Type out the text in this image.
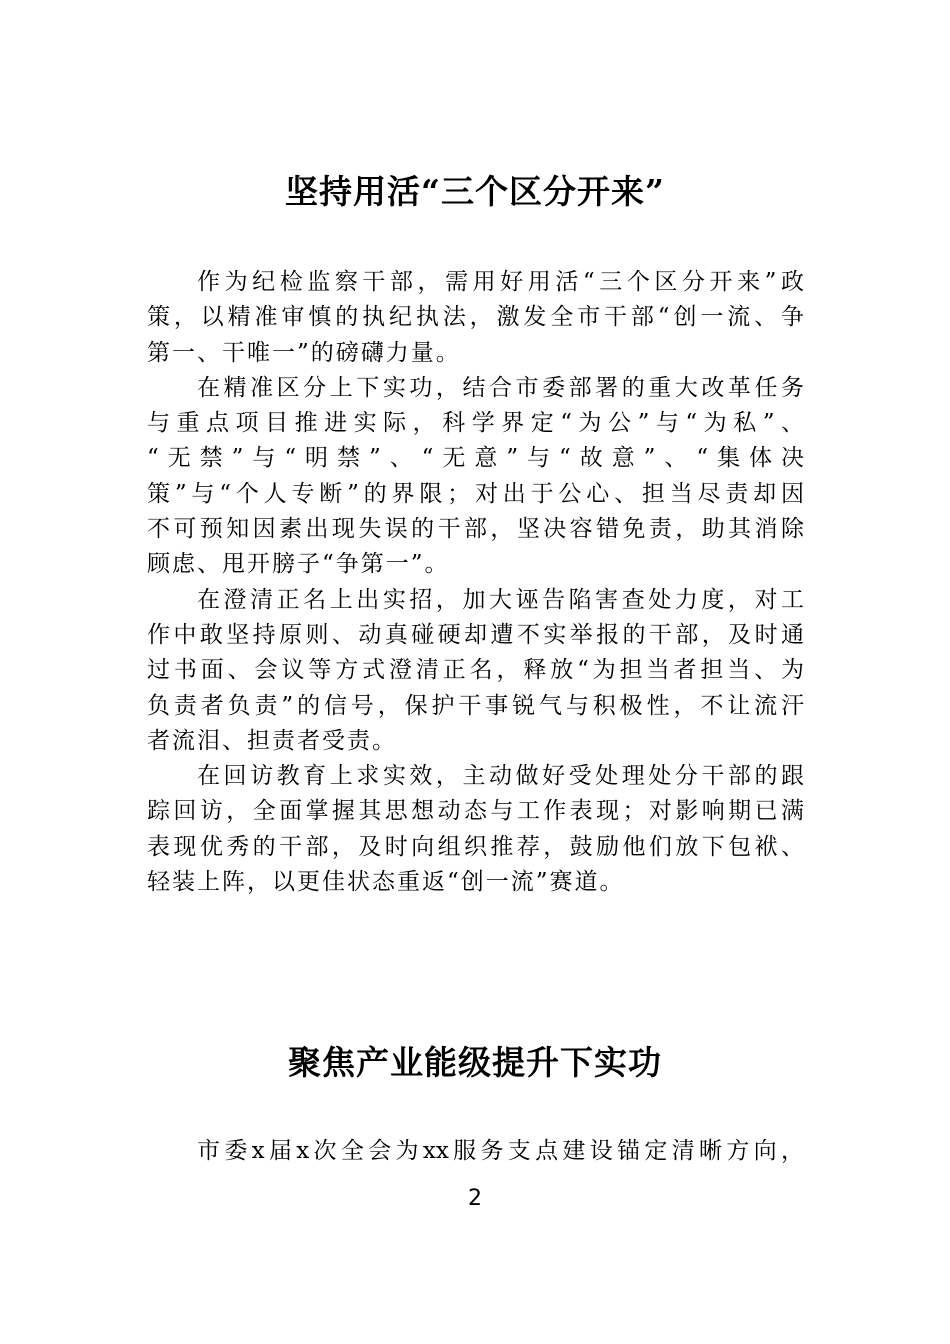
坚持用活“三个区分开来”
作为纪检监察干部，需用好用活“三个区分开来”政
策，以精准审慎的执纪执法，激发全市干部“创一流、争
第一、干唯一”的磅礴力量。
在精准区分上下实功，结合市委部署的重大改革任务
与重点项目推进实际，科学界定“为公”与“为私”、
“无禁”与“明禁”、“无意”与“故意”、“集体决
策”与“个人专断”的界限；对出于公心、担当尽责却因
不可预知因素出现失误的干部，坚决容错免责，助其消除
顾虑、甩开膀子“争第一”。
在澄清正名上出实招，加大诬告陷害查处力度，对工
作中敢坚持原则、动真碰硬却遭不实举报的干部，及时通
过书面、会议等方式澄清正名，释放“为担当者担当、为
负责者负责”的信号，保护干事锐气与积极性，不让流汗
者流泪、担责者受责。
在回访教育上求实效，主动做好受处理处分干部的跟
踪回访，全面掌握其思想动态与工作表现；对影响期已满
表现优秀的干部，及时向组织推荐，鼓励他们放下包袱、
轻装上阵，以更佳状态重返“创一流”赛道。
聚焦产业能级提升下实功
市委x届x次全会为xx服务支点建设锚定清晰方向，
2
